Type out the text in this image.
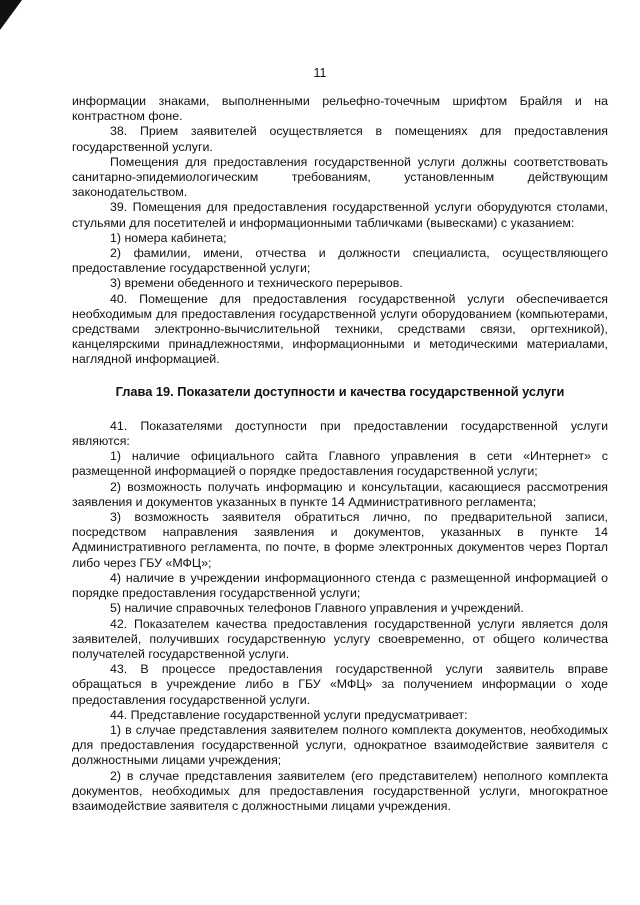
11

информации знаками, выполненными рельефно-точечным шрифтом Брайля и на контрастном фоне.

38. Прием заявителей осуществляется в помещениях для предоставления государственной услуги.

Помещения для предоставления государственной услуги должны соответствовать санитарно-эпидемиологическим требованиям, установленным действующим законодательством.

39. Помещения для предоставления государственной услуги оборудуются столами, стульями для посетителей и информационными табличками (вывесками) с указанием:

1) номера кабинета;

2) фамилии, имени, отчества и должности специалиста, осуществляющего предоставление государственной услуги;

3) времени обеденного и технического перерывов.

40. Помещение для предоставления государственной услуги обеспечивается необходимым для предоставления государственной услуги оборудованием (компьютерами, средствами электронно-вычислительной техники, средствами связи, оргтехникой), канцелярскими принадлежностями, информационными и методическими материалами, наглядной информацией.

Глава 19. Показатели доступности и качества государственной услуги

41. Показателями доступности при предоставлении государственной услуги являются:

1) наличие официального сайта Главного управления в сети «Интернет» с размещенной информацией о порядке предоставления государственной услуги;

2) возможность получать информацию и консультации, касающиеся рассмотрения заявления и документов указанных в пункте 14 Административного регламента;

3) возможность заявителя обратиться лично, по предварительной записи, посредством направления заявления и документов, указанных в пункте 14 Административного регламента, по почте, в форме электронных документов через Портал либо через ГБУ «МФЦ»;

4) наличие в учреждении информационного стенда с размещенной информацией о порядке предоставления государственной услуги;

5) наличие справочных телефонов Главного управления и учреждений.

42. Показателем качества предоставления государственной услуги является доля заявителей, получивших государственную услугу своевременно, от общего количества получателей государственной услуги.

43. В процессе предоставления государственной услуги заявитель вправе обращаться в учреждение либо в ГБУ «МФЦ» за получением информации о ходе предоставления государственной услуги.

44. Представление государственной услуги предусматривает:

1) в случае представления заявителем полного комплекта документов, необходимых для предоставления государственной услуги, однократное взаимодействие заявителя с должностными лицами учреждения;

2) в случае представления заявителем (его представителем) неполного комплекта документов, необходимых для предоставления государственной услуги, многократное взаимодействие заявителя с должностными лицами учреждения.
